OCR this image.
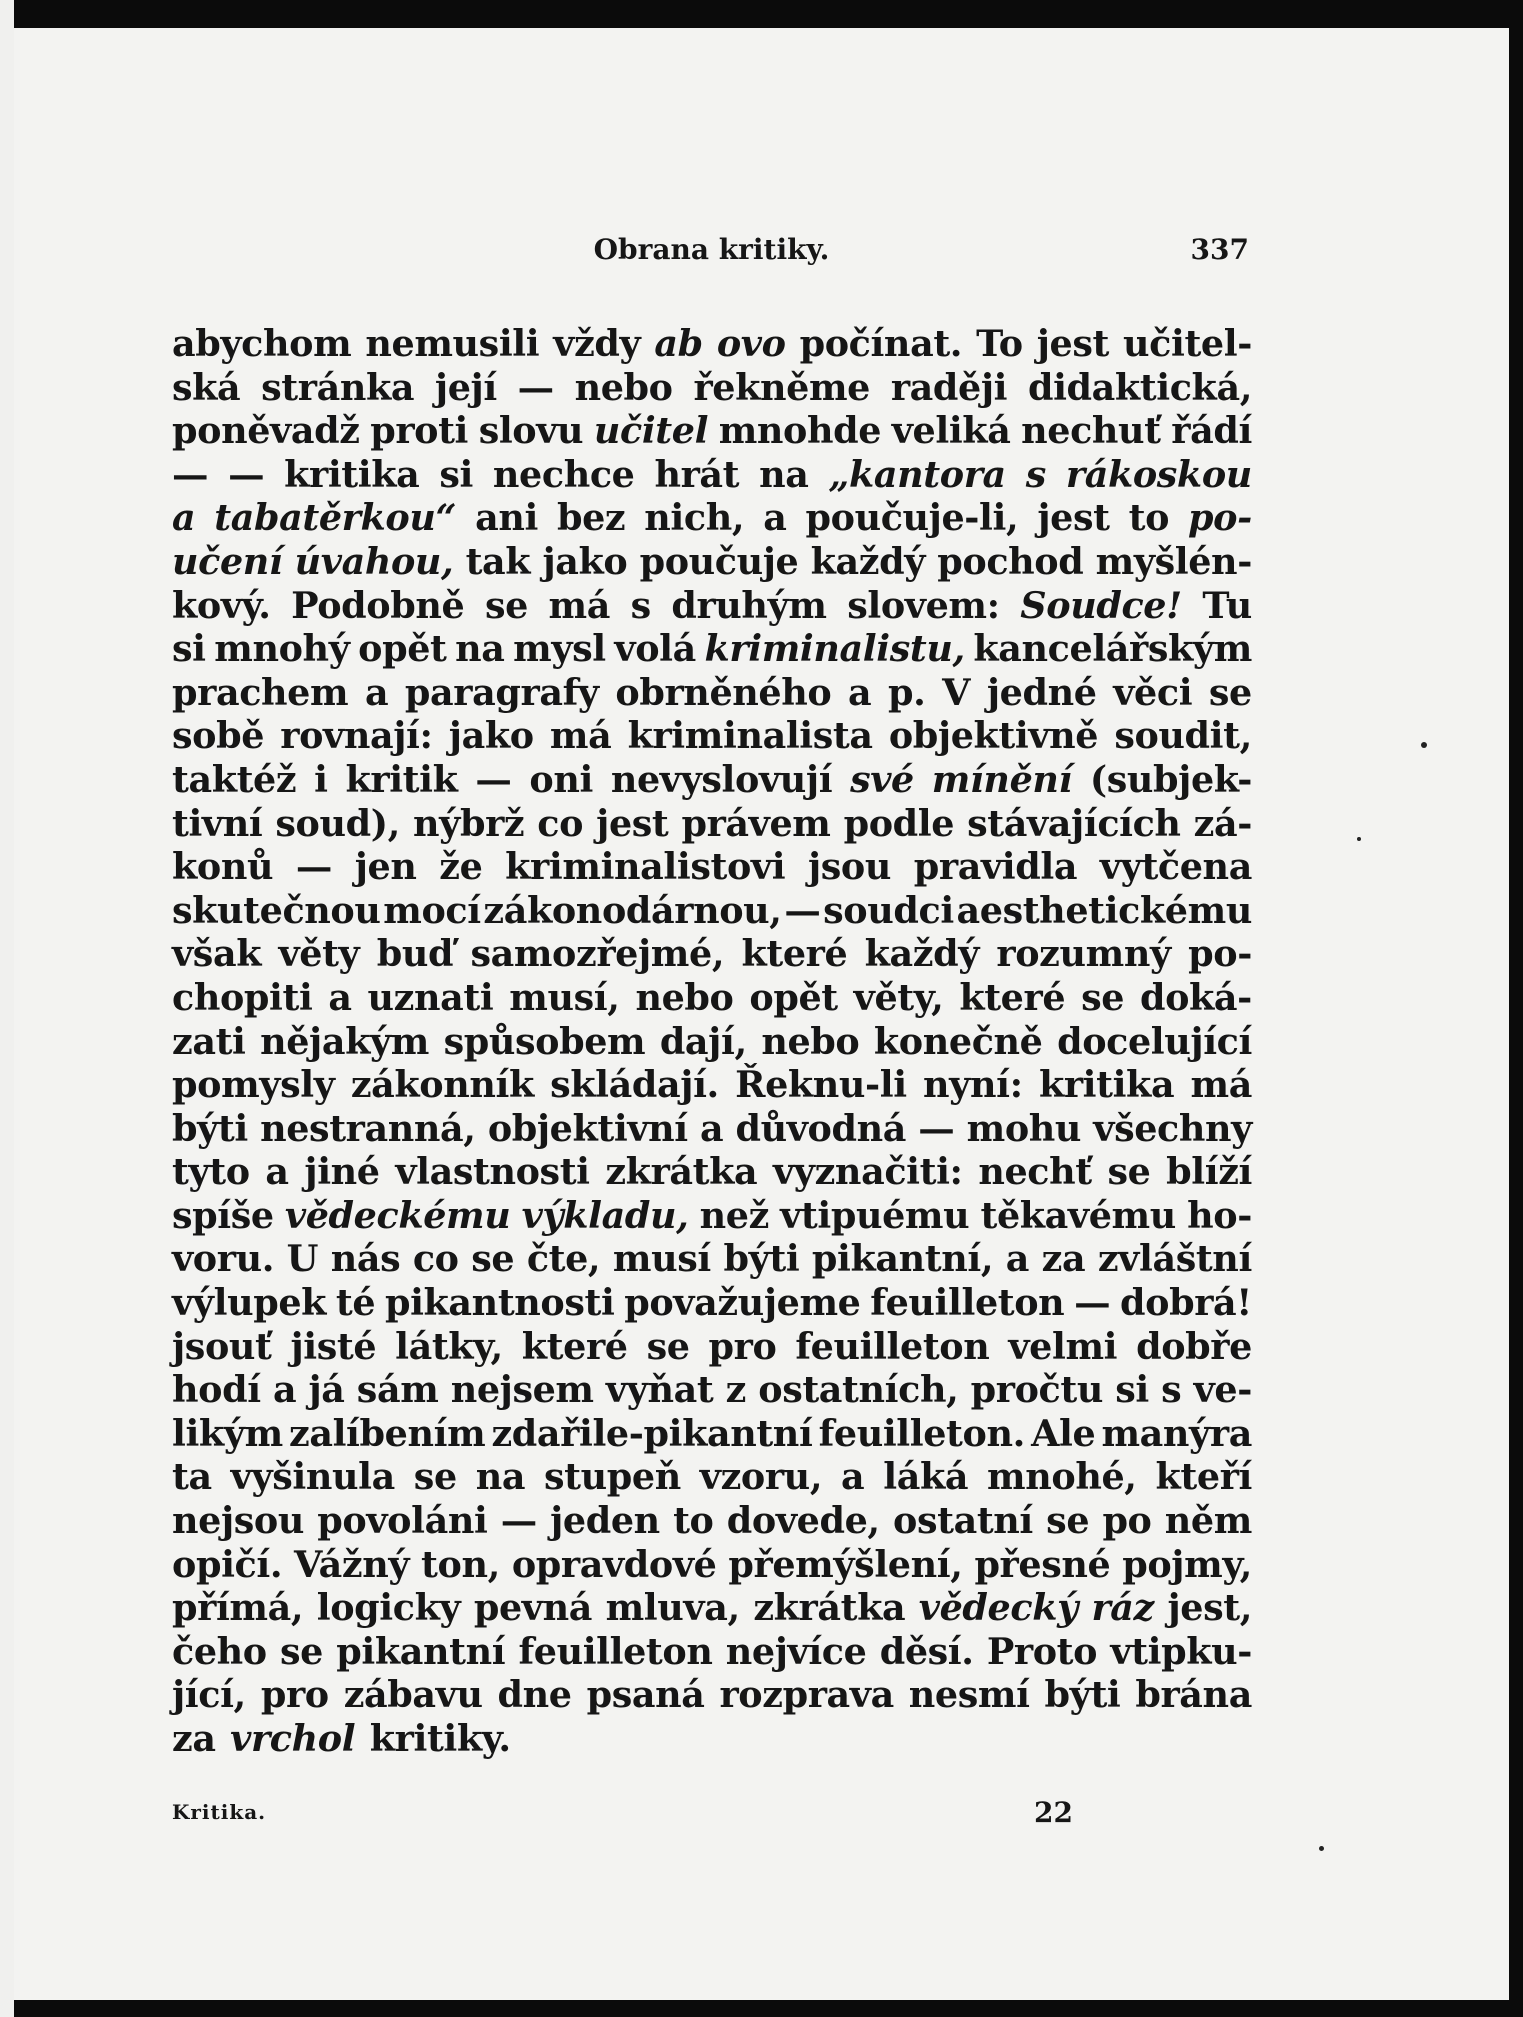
Obrana kritiky.	337
abychom nemusili vždy ab ovo počínat. To jest učitel-
ská stránka její — nebo řekněme raději didaktická,
poněvadž proti slovu učitel mnohde veliká nechuť řádí
— — kritika si nechce hrát na „kantora s rákoskou
a tabatěrkou“ ani bez nich, a poučuje-li, jest to po-
učení úvahou, tak jako poučuje každý pochod myšlén-
kový. Podobně se má s druhým slovem: Soudce! Tu
si mnohý opět na mysl volá kriminalistu, kancelářským
prachem a paragrafy obrněného a p. V jedné věci se
sobě rovnají: jako má kriminalista objektivně soudit,
taktéž i kritik — oni nevyslovují své mínění (subjek-
tivní soud), nýbrž co jest právem podle stávajících zá-
konů — jen že kriminalistovi jsou pravidla vytčena
skutečnou mocí zákonodárnou, — soudci aesthetickému
však věty buď samozřejmé, které každý rozumný po-
chopiti a uznati musí, nebo opět věty, které se doká-
zati nějakým spůsobem dají, nebo konečně docelující
pomysly zákonník skládají. Řeknu-li nyní: kritika má
býti nestranná, objektivní a důvodná — mohu všechny
tyto a jiné vlastnosti zkrátka vyznačiti: nechť se blíží
spíše vědeckému výkladu, než vtipuému těkavému ho-
voru. U nás co se čte, musí býti pikantní, a za zvláštní
výlupek té pikantnosti považujeme feuilleton — dobrá!
jsouť jisté látky, které se pro feuilleton velmi dobře
hodí a já sám nejsem vyňat z ostatních, pročtu si s ve-
likým zalíbením zdařile-pikantní feuilleton. Ale manýra
ta vyšinula se na stupeň vzoru, a láká mnohé, kteří
nejsou povoláni — jeden to dovede, ostatní se po něm
opičí. Vážný ton, opravdové přemýšlení, přesné pojmy,
přímá, logicky pevná mluva, zkrátka vědecký ráz jest,
čeho se pikantní feuilleton nejvíce děsí. Proto vtipku-
jící, pro zábavu dne psaná rozprava nesmí býti brána
za vrchol kritiky.
Kritika.	22
